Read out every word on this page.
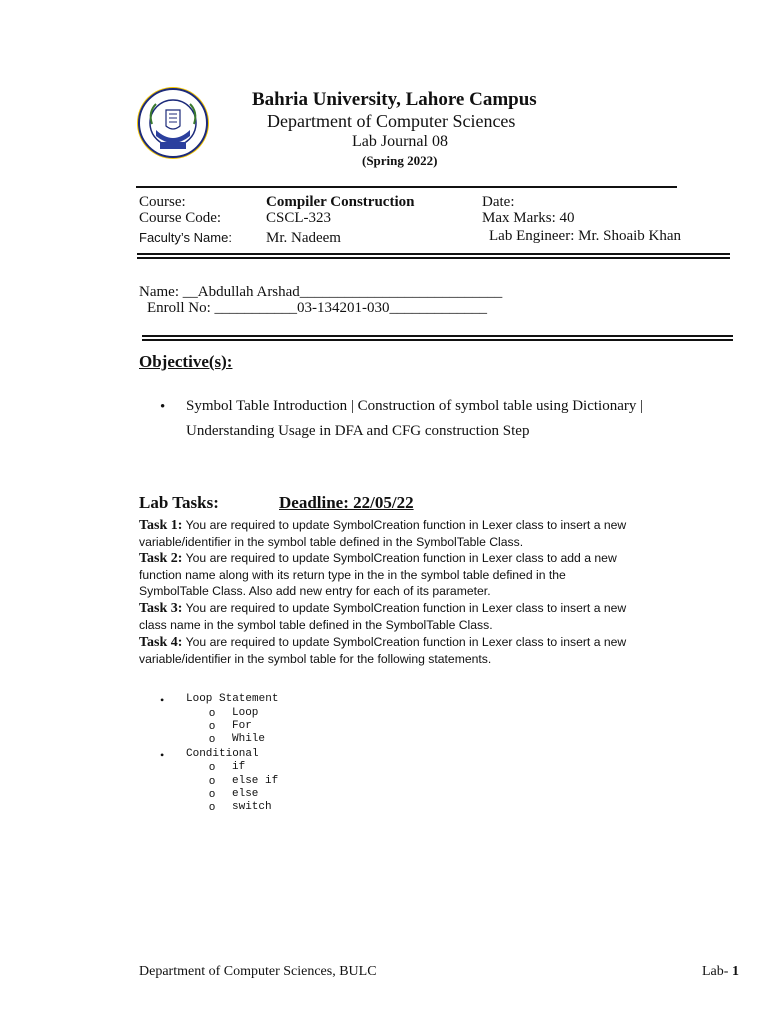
Bahria University, Lahore Campus
Department of Computer Sciences
Lab Journal 08
(Spring 2022)
Course:	Compiler Construction	Date:
Course Code:	CSCL-323	Max Marks: 40
Faculty’s Name: Mr. Nadeem	Lab Engineer: Mr. Shoaib Khan
Name: __Abdullah Arshad___________________________
Enroll No: ___________03-134201-030_____________
Objective(s):
• Symbol Table Introduction | Construction of symbol table using Dictionary |
Understanding Usage in DFA and CFG construction Step
Lab Tasks:	Deadline: 22/05/22
Task 1: You are required to update SymbolCreation function in Lexer class to insert a new
variable/identifier in the symbol table defined in the SymbolTable Class.
Task 2: You are required to update SymbolCreation function in Lexer class to add a new
function name along with its return type in the in the symbol table defined in the
SymbolTable Class. Also add new entry for each of its parameter.
Task 3: You are required to update SymbolCreation function in Lexer class to insert a new
class name in the symbol table defined in the SymbolTable Class.
Task 4: You are required to update SymbolCreation function in Lexer class to insert a new
variable/identifier in the symbol table for the following statements.
• Loop Statement
o Loop
o For
o While
• Conditional
o if
o else if
o else
o switch
Department of Computer Sciences, BULC	Lab- 1
